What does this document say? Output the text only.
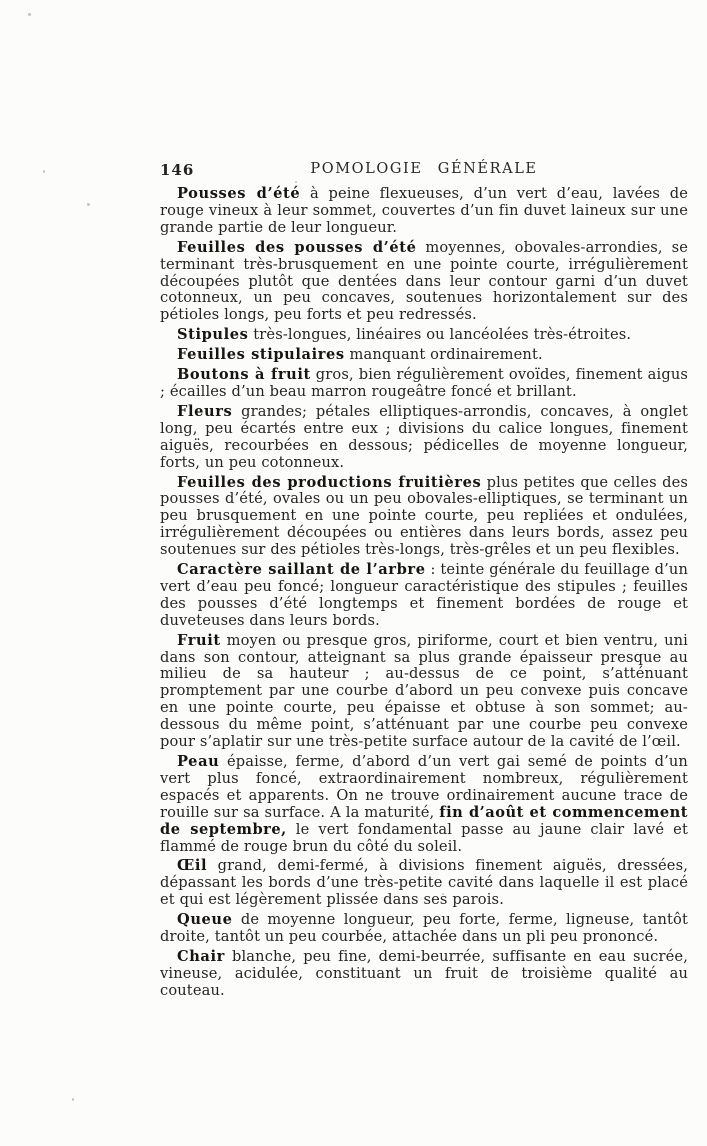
146	POMOLOGIE GÉNÉRALE

Pousses d’été à peine flexueuses, d’un vert d’eau, lavées de rouge vineux à leur sommet, couvertes d’un fin duvet laineux sur une grande partie de leur longueur.

Feuilles des pousses d’été moyennes, obovales-arrondies, se terminant très-brusquement en une pointe courte, irrégulièrement découpées plutôt que dentées dans leur contour garni d’un duvet cotonneux, un peu concaves, soutenues horizontalement sur des pétioles longs, peu forts et peu redressés.

Stipules très-longues, linéaires ou lancéolées très-étroites.

Feuilles stipulaires manquant ordinairement.

Boutons à fruit gros, bien régulièrement ovoïdes, finement aigus ; écailles d’un beau marron rougeâtre foncé et brillant.

Fleurs grandes; pétales elliptiques-arrondis, concaves, à onglet long, peu écartés entre eux ; divisions du calice longues, finement aiguës, recourbées en dessous; pédicelles de moyenne longueur, forts, un peu cotonneux.

Feuilles des productions fruitières plus petites que celles des pousses d’été, ovales ou un peu obovales-elliptiques, se terminant un peu brusquement en une pointe courte, peu repliées et ondulées, irrégulièrement découpées ou entières dans leurs bords, assez peu soutenues sur des pétioles très-longs, très-grêles et un peu flexibles.

Caractère saillant de l’arbre : teinte générale du feuillage d’un vert d’eau peu foncé; longueur caractéristique des stipules ; feuilles des pousses d’été longtemps et finement bordées de rouge et duveteuses dans leurs bords.

Fruit moyen ou presque gros, piriforme, court et bien ventru, uni dans son contour, atteignant sa plus grande épaisseur presque au milieu de sa hauteur ; au-dessus de ce point, s’atténuant promptement par une courbe d’abord un peu convexe puis concave en une pointe courte, peu épaisse et obtuse à son sommet; au-dessous du même point, s’atténuant par une courbe peu convexe pour s’aplatir sur une très-petite surface autour de la cavité de l’œil.

Peau épaisse, ferme, d’abord d’un vert gai semé de points d’un vert plus foncé, extraordinairement nombreux, régulièrement espacés et apparents. On ne trouve ordinairement aucune trace de rouille sur sa surface. A la maturité, fin d’août et commencement de septembre, le vert fondamental passe au jaune clair lavé et flammé de rouge brun du côté du soleil.

Œil grand, demi-fermé, à divisions finement aiguës, dressées, dépassant les bords d’une très-petite cavité dans laquelle il est placé et qui est légèrement plissée dans ses parois.

Queue de moyenne longueur, peu forte, ferme, ligneuse, tantôt droite, tantôt un peu courbée, attachée dans un pli peu prononcé.

Chair blanche, peu fine, demi-beurrée, suffisante en eau sucrée, vineuse, acidulée, constituant un fruit de troisième qualité au couteau.
